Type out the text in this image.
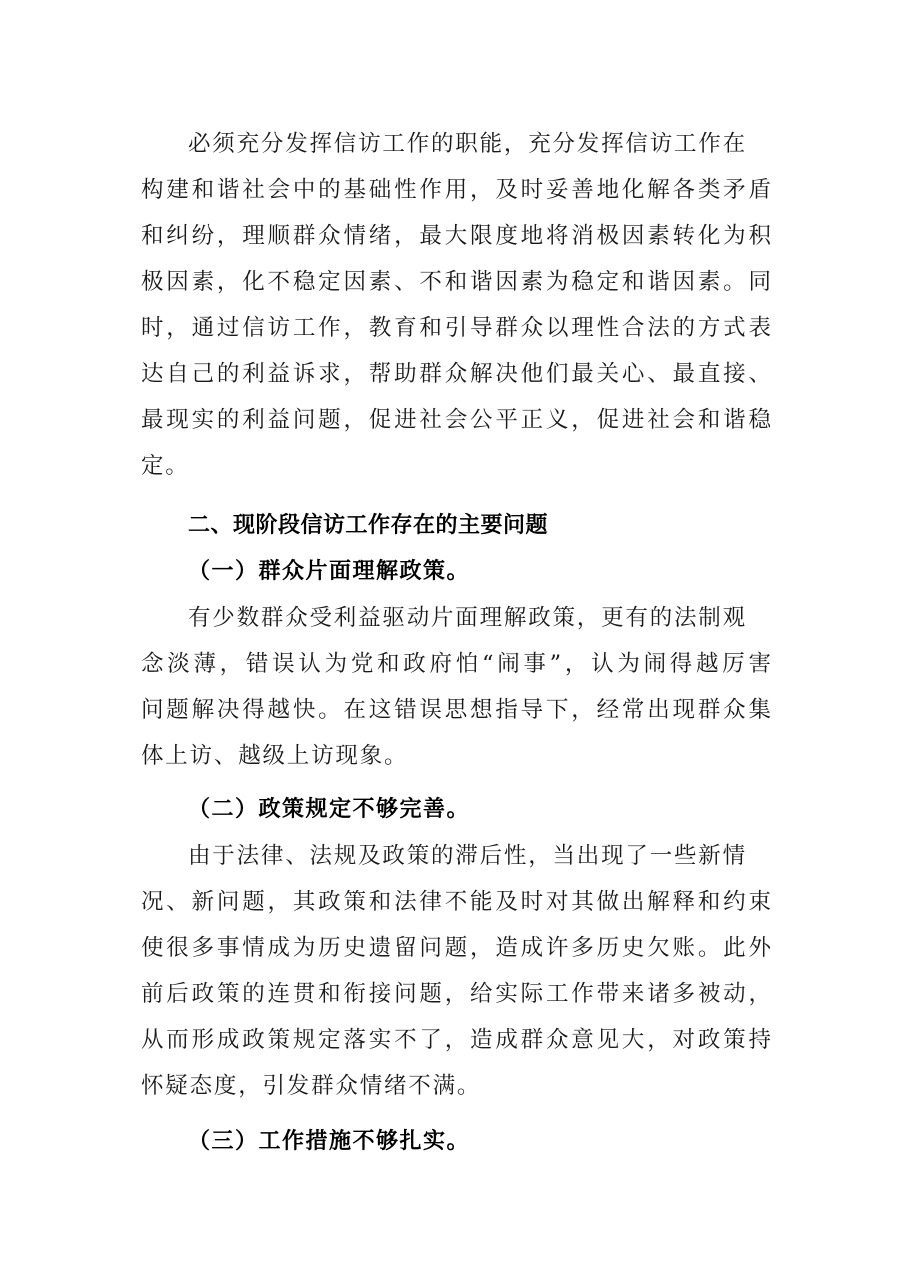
必须充分发挥信访工作的职能，充分发挥信访工作在
构建和谐社会中的基础性作用，及时妥善地化解各类矛盾
和纠纷，理顺群众情绪，最大限度地将消极因素转化为积
极因素，化不稳定因素、不和谐因素为稳定和谐因素。同
时，通过信访工作，教育和引导群众以理性合法的方式表
达自己的利益诉求，帮助群众解决他们最关心、最直接、
最现实的利益问题，促进社会公平正义，促进社会和谐稳
定。
二、现阶段信访工作存在的主要问题
（一）群众片面理解政策。
有少数群众受利益驱动片面理解政策，更有的法制观
念淡薄，错误认为党和政府怕“闹事”，认为闹得越厉害
问题解决得越快。在这错误思想指导下，经常出现群众集
体上访、越级上访现象。
（二）政策规定不够完善。
由于法律、法规及政策的滞后性，当出现了一些新情
况、新问题，其政策和法律不能及时对其做出解释和约束
使很多事情成为历史遗留问题，造成许多历史欠账。此外
前后政策的连贯和衔接问题，给实际工作带来诸多被动，
从而形成政策规定落实不了，造成群众意见大，对政策持
怀疑态度，引发群众情绪不满。
（三）工作措施不够扎实。
